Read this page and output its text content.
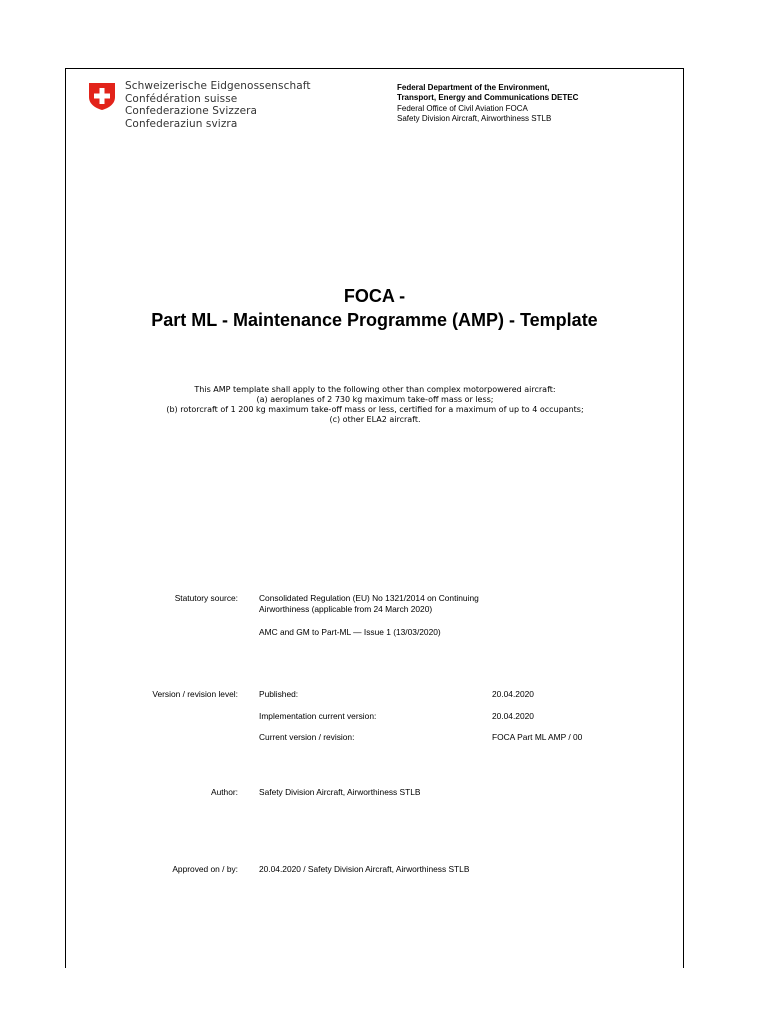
Schweizerische Eidgenossenschaft
Confédération suisse
Confederazione Svizzera
Confederaziun svizra
Federal Department of the Environment,
Transport, Energy and Communications DETEC
Federal Office of Civil Aviation FOCA
Safety Division Aircraft, Airworthiness STLB
FOCA -
Part ML - Maintenance Programme (AMP) - Template
This AMP template shall apply to the following other than complex motorpowered aircraft:
(a) aeroplanes of 2 730 kg maximum take-off mass or less;
(b) rotorcraft of 1 200 kg maximum take-off mass or less, certified for a maximum of up to 4 occupants;
(c) other ELA2 aircraft.
Statutory source:	Consolidated Regulation (EU) No 1321/2014 on Continuing
Airworthiness (applicable from 24 March 2020)
AMC and GM to Part-ML — Issue 1 (13/03/2020)
Version / revision level:	Published:	20.04.2020
Implementation current version:	20.04.2020
Current version / revision:	FOCA Part ML AMP / 00
Author:	Safety Division Aircraft, Airworthiness STLB
Approved on / by:	20.04.2020 / Safety Division Aircraft, Airworthiness STLB
